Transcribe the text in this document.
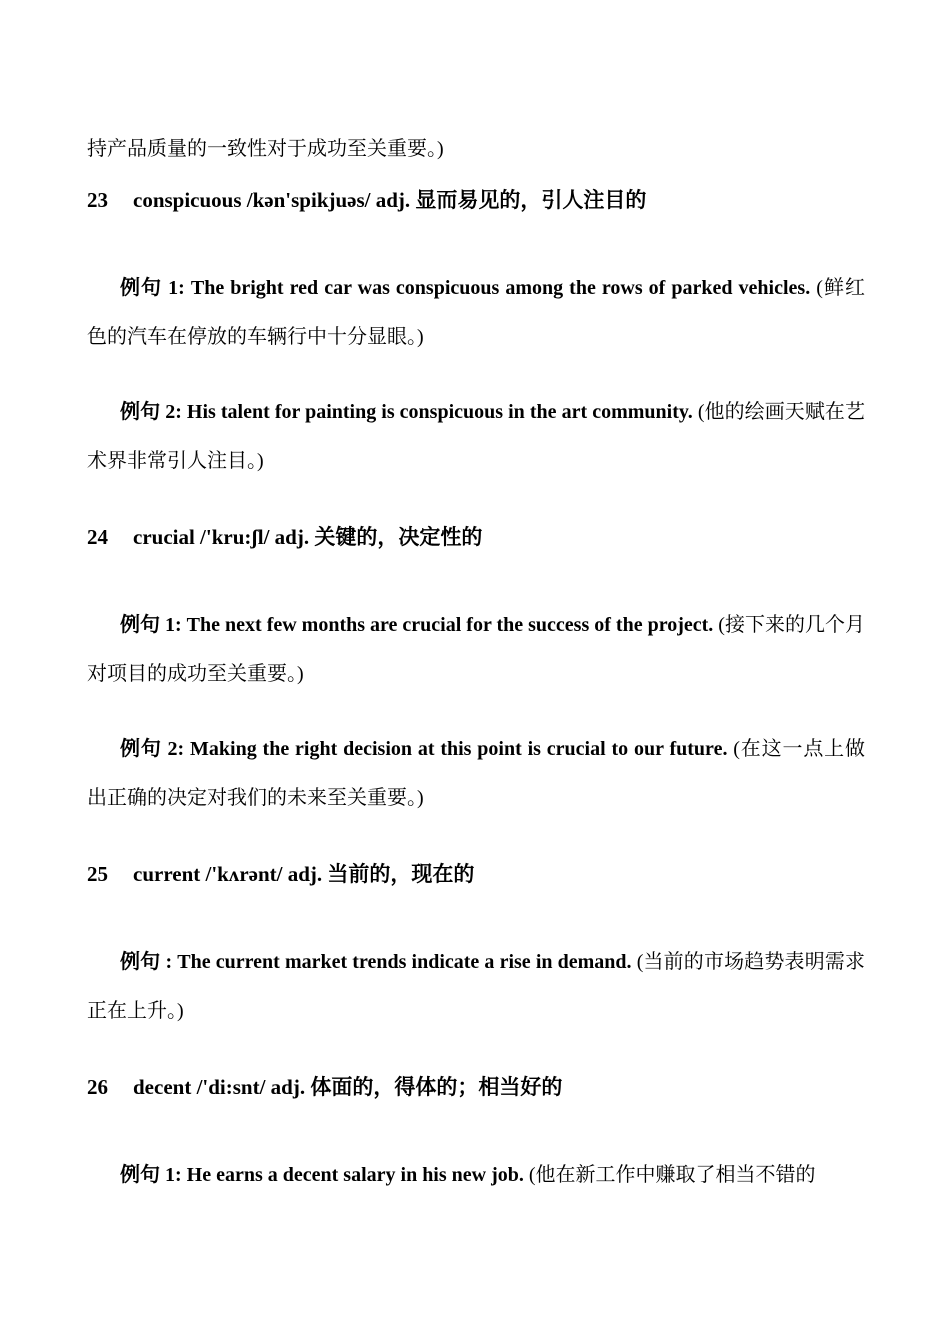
持产品质量的一致性对于成功至关重要。)
23 conspicuous /kən'spikjuəs/ adj. 显而易见的，引人注目的

例句 1: The bright red car was conspicuous among the rows of parked vehicles. (鲜红色的汽车在停放的车辆行中十分显眼。)

例句 2: His talent for painting is conspicuous in the art community. (他的绘画天赋在艺术界非常引人注目。)

24 crucial /'kru:ʃl/ adj. 关键的，决定性的

例句 1: The next few months are crucial for the success of the project. (接下来的几个月对项目的成功至关重要。)

例句 2: Making the right decision at this point is crucial to our future. (在这一点上做出正确的决定对我们的未来至关重要。)

25 current /'kʌrənt/ adj. 当前的，现在的

例句 : The current market trends indicate a rise in demand. (当前的市场趋势表明需求正在上升。)

26 decent /'di:snt/ adj. 体面的，得体的；相当好的

例句 1: He earns a decent salary in his new job. (他在新工作中赚取了相当不错的
